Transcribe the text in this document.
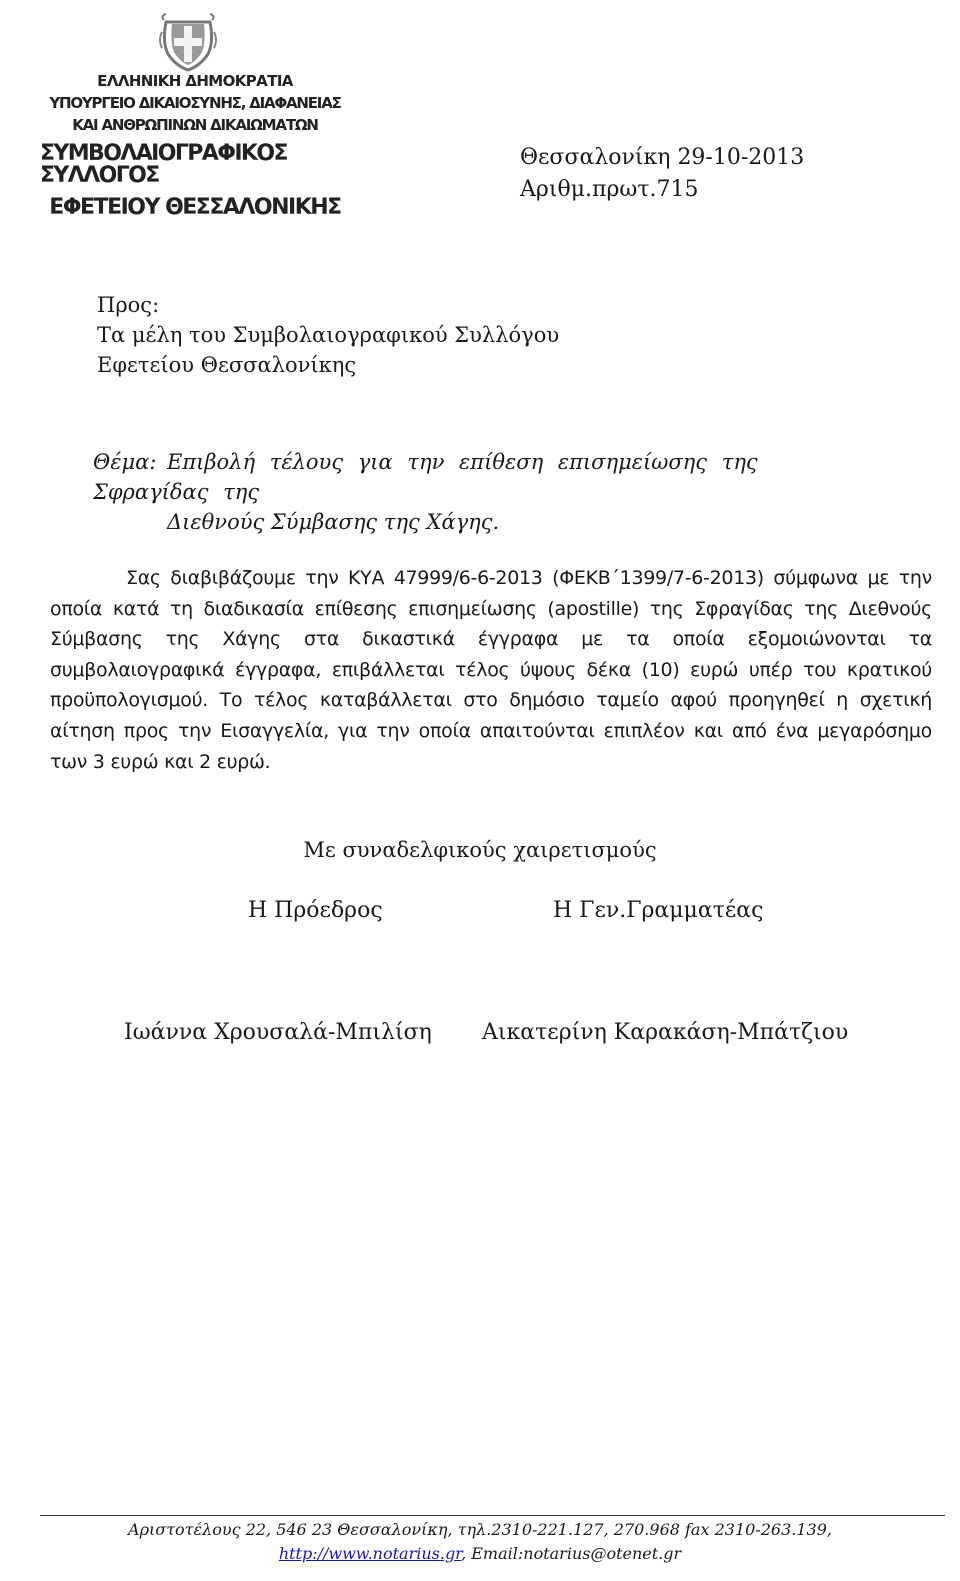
ΕΛΛΗΝΙΚΗ ΔΗΜΟΚΡΑΤΙΑ
ΥΠΟΥΡΓΕΙΟ ΔΙΚΑΙΟΣΥΝΗΣ, ΔΙΑΦΑΝΕΙΑΣ
ΚΑΙ ΑΝΘΡΩΠΙΝΩΝ ΔΙΚΑΙΩΜΑΤΩΝ
ΣΥΜΒΟΛΑΙΟΓΡΑΦΙΚΟΣ ΣΥΛΛΟΓΟΣ
ΕΦΕΤΕΙΟΥ ΘΕΣΣΑΛΟΝΙΚΗΣ
Θεσσαλονίκη 29-10-2013
Αριθμ.πρωτ.715
Προς:
Τα μέλη του Συμβολαιογραφικού Συλλόγου
Εφετείου Θεσσαλονίκης
Θέμα: Επιβολή τέλους για την επίθεση επισημείωσης της Σφραγίδας της
Διεθνούς Σύμβασης της Χάγης.
Σας διαβιβάζουμε την ΚΥΑ 47999/6-6-2013 (ΦΕΚΒ΄1399/7-6-2013) σύμφωνα με την οποία κατά τη διαδικασία επίθεσης επισημείωσης (apostille) της Σφραγίδας της Διεθνούς Σύμβασης της Χάγης στα δικαστικά έγγραφα με τα οποία εξομοιώνονται τα συμβολαιογραφικά έγγραφα, επιβάλλεται τέλος ύψους δέκα (10) ευρώ υπέρ του κρατικού προϋπολογισμού. Το τέλος καταβάλλεται στο δημόσιο ταμείο αφού προηγηθεί η σχετική αίτηση προς την Εισαγγελία, για την οποία απαιτούνται επιπλέον και από ένα μεγαρόσημο των 3 ευρώ και 2 ευρώ.
Με συναδελφικούς χαιρετισμούς
Η Πρόεδρος	Η Γεν.Γραμματέας
Ιωάννα Χρουσαλά-Μπιλίση Αικατερίνη Καρακάση-Μπάτζιου
Αριστοτέλους 22, 546 23 Θεσσαλονίκη, τηλ.2310-221.127, 270.968 fax 2310-263.139,
http://www.notarius.gr, Email:notarius@otenet.gr
